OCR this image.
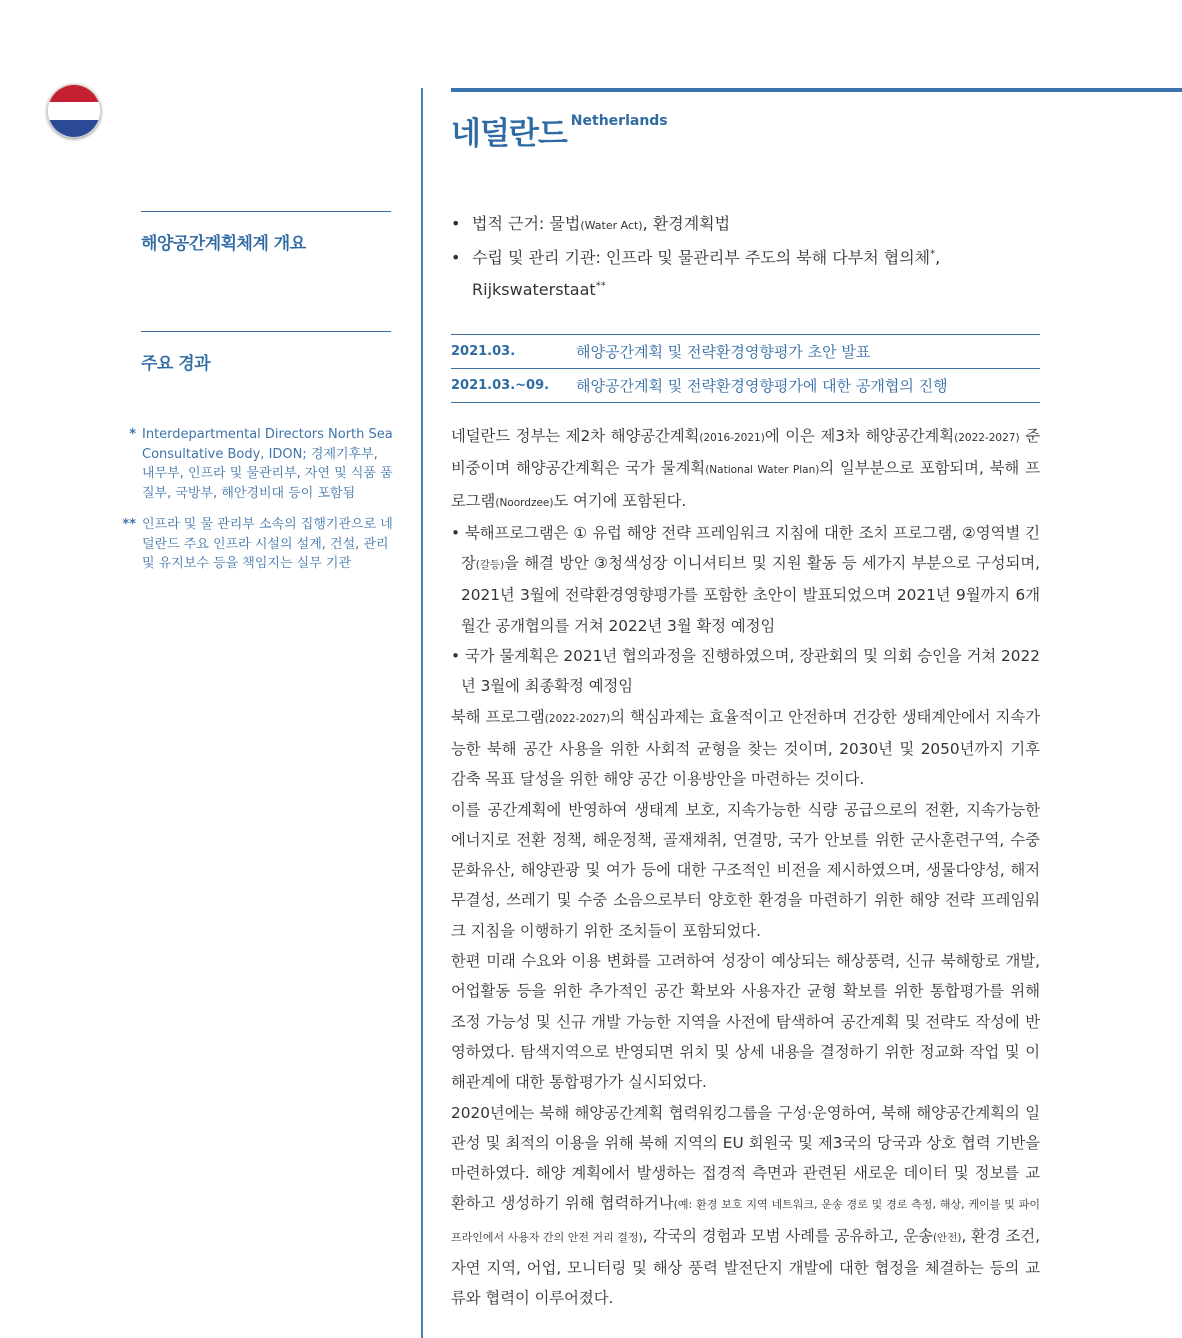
네덜란드 Netherlands
해양공간계획체계 개요
주요 경과
• 법적 근거: 물법(Water Act), 환경계획법
• 수립 및 관리 기관: 인프라 및 물관리부 주도의 북해 다부처 협의체*,
Rijkswaterstaat**
2021.03.	해양공간계획 및 전략환경영향평가 초안 발표
2021.03.~09.	해양공간계획 및 전략환경영향평가에 대한 공개협의 진행
* Interdepartmental Directors North Sea Consultative Body, IDON; 경제기후부, 내무부, 인프라 및 물관리부, 자연 및 식품 품질부, 국방부, 해안경비대 등이 포함됨
** 인프라 및 물 관리부 소속의 집행기관으로 네덜란드 주요 인프라 시설의 설계, 건설, 관리 및 유지보수 등을 책임지는 실무 기관

네덜란드 정부는 제2차 해양공간계획(2016-2021)에 이은 제3차 해양공간계획(2022-2027) 준비중이며 해양공간계획은 국가 물계획(National Water Plan)의 일부분으로 포함되며, 북해 프로그램(Noordzee)도 여기에 포함된다.

• 북해프로그램은 ① 유럽 해양 전략 프레임워크 지침에 대한 조치 프로그램, ②영역별 긴장(갈등)을 해결 방안 ③청색성장 이니셔티브 및 지원 활동 등 세가지 부분으로 구성되며, 2021년 3월에 전략환경영향평가를 포함한 초안이 발표되었으며 2021년 9월까지 6개월간 공개협의를 거쳐 2022년 3월 확정 예정임

• 국가 물계획은 2021년 협의과정을 진행하였으며, 장관회의 및 의회 승인을 거쳐 2022년 3월에 최종확정 예정임

북해 프로그램(2022-2027)의 핵심과제는 효율적이고 안전하며 건강한 생태계안에서 지속가능한 북해 공간 사용을 위한 사회적 균형을 찾는 것이며, 2030년 및 2050년까지 기후 감축 목표 달성을 위한 해양 공간 이용방안을 마련하는 것이다.

이를 공간계획에 반영하여 생태계 보호, 지속가능한 식량 공급으로의 전환, 지속가능한 에너지로 전환 정책, 해운정책, 골재채취, 연결망, 국가 안보를 위한 군사훈련구역, 수중문화유산, 해양관광 및 여가 등에 대한 구조적인 비전을 제시하였으며, 생물다양성, 해저 무결성, 쓰레기 및 수중 소음으로부터 양호한 환경을 마련하기 위한 해양 전략 프레임워크 지침을 이행하기 위한 조치들이 포함되었다.

한편 미래 수요와 이용 변화를 고려하여 성장이 예상되는 해상풍력, 신규 북해항로 개발, 어업활동 등을 위한 추가적인 공간 확보와 사용자간 균형 확보를 위한 통합평가를 위해 조정 가능성 및 신규 개발 가능한 지역을 사전에 탐색하여 공간계획 및 전략도 작성에 반영하였다. 탐색지역으로 반영되면 위치 및 상세 내용을 결정하기 위한 정교화 작업 및 이해관계에 대한 통합평가가 실시되었다.

2020년에는 북해 해양공간계획 협력워킹그룹을 구성·운영하여, 북해 해양공간계획의 일관성 및 최적의 이용을 위해 북해 지역의 EU 회원국 및 제3국의 당국과 상호 협력 기반을 마련하였다. 해양 계획에서 발생하는 접경적 측면과 관련된 새로운 데이터 및 정보를 교환하고 생성하기 위해 협력하거나(예: 환경 보호 지역 네트워크, 운송 경로 및 경로 측정, 해상, 케이블 및 파이프라인에서 사용자 간의 안전 거리 결정), 각국의 경험과 모범 사례를 공유하고, 운송(안전), 환경 조건, 자연 지역, 어업, 모니터링 및 해상 풍력 발전단지 개발에 대한 협정을 체결하는 등의 교류와 협력이 이루어졌다.
